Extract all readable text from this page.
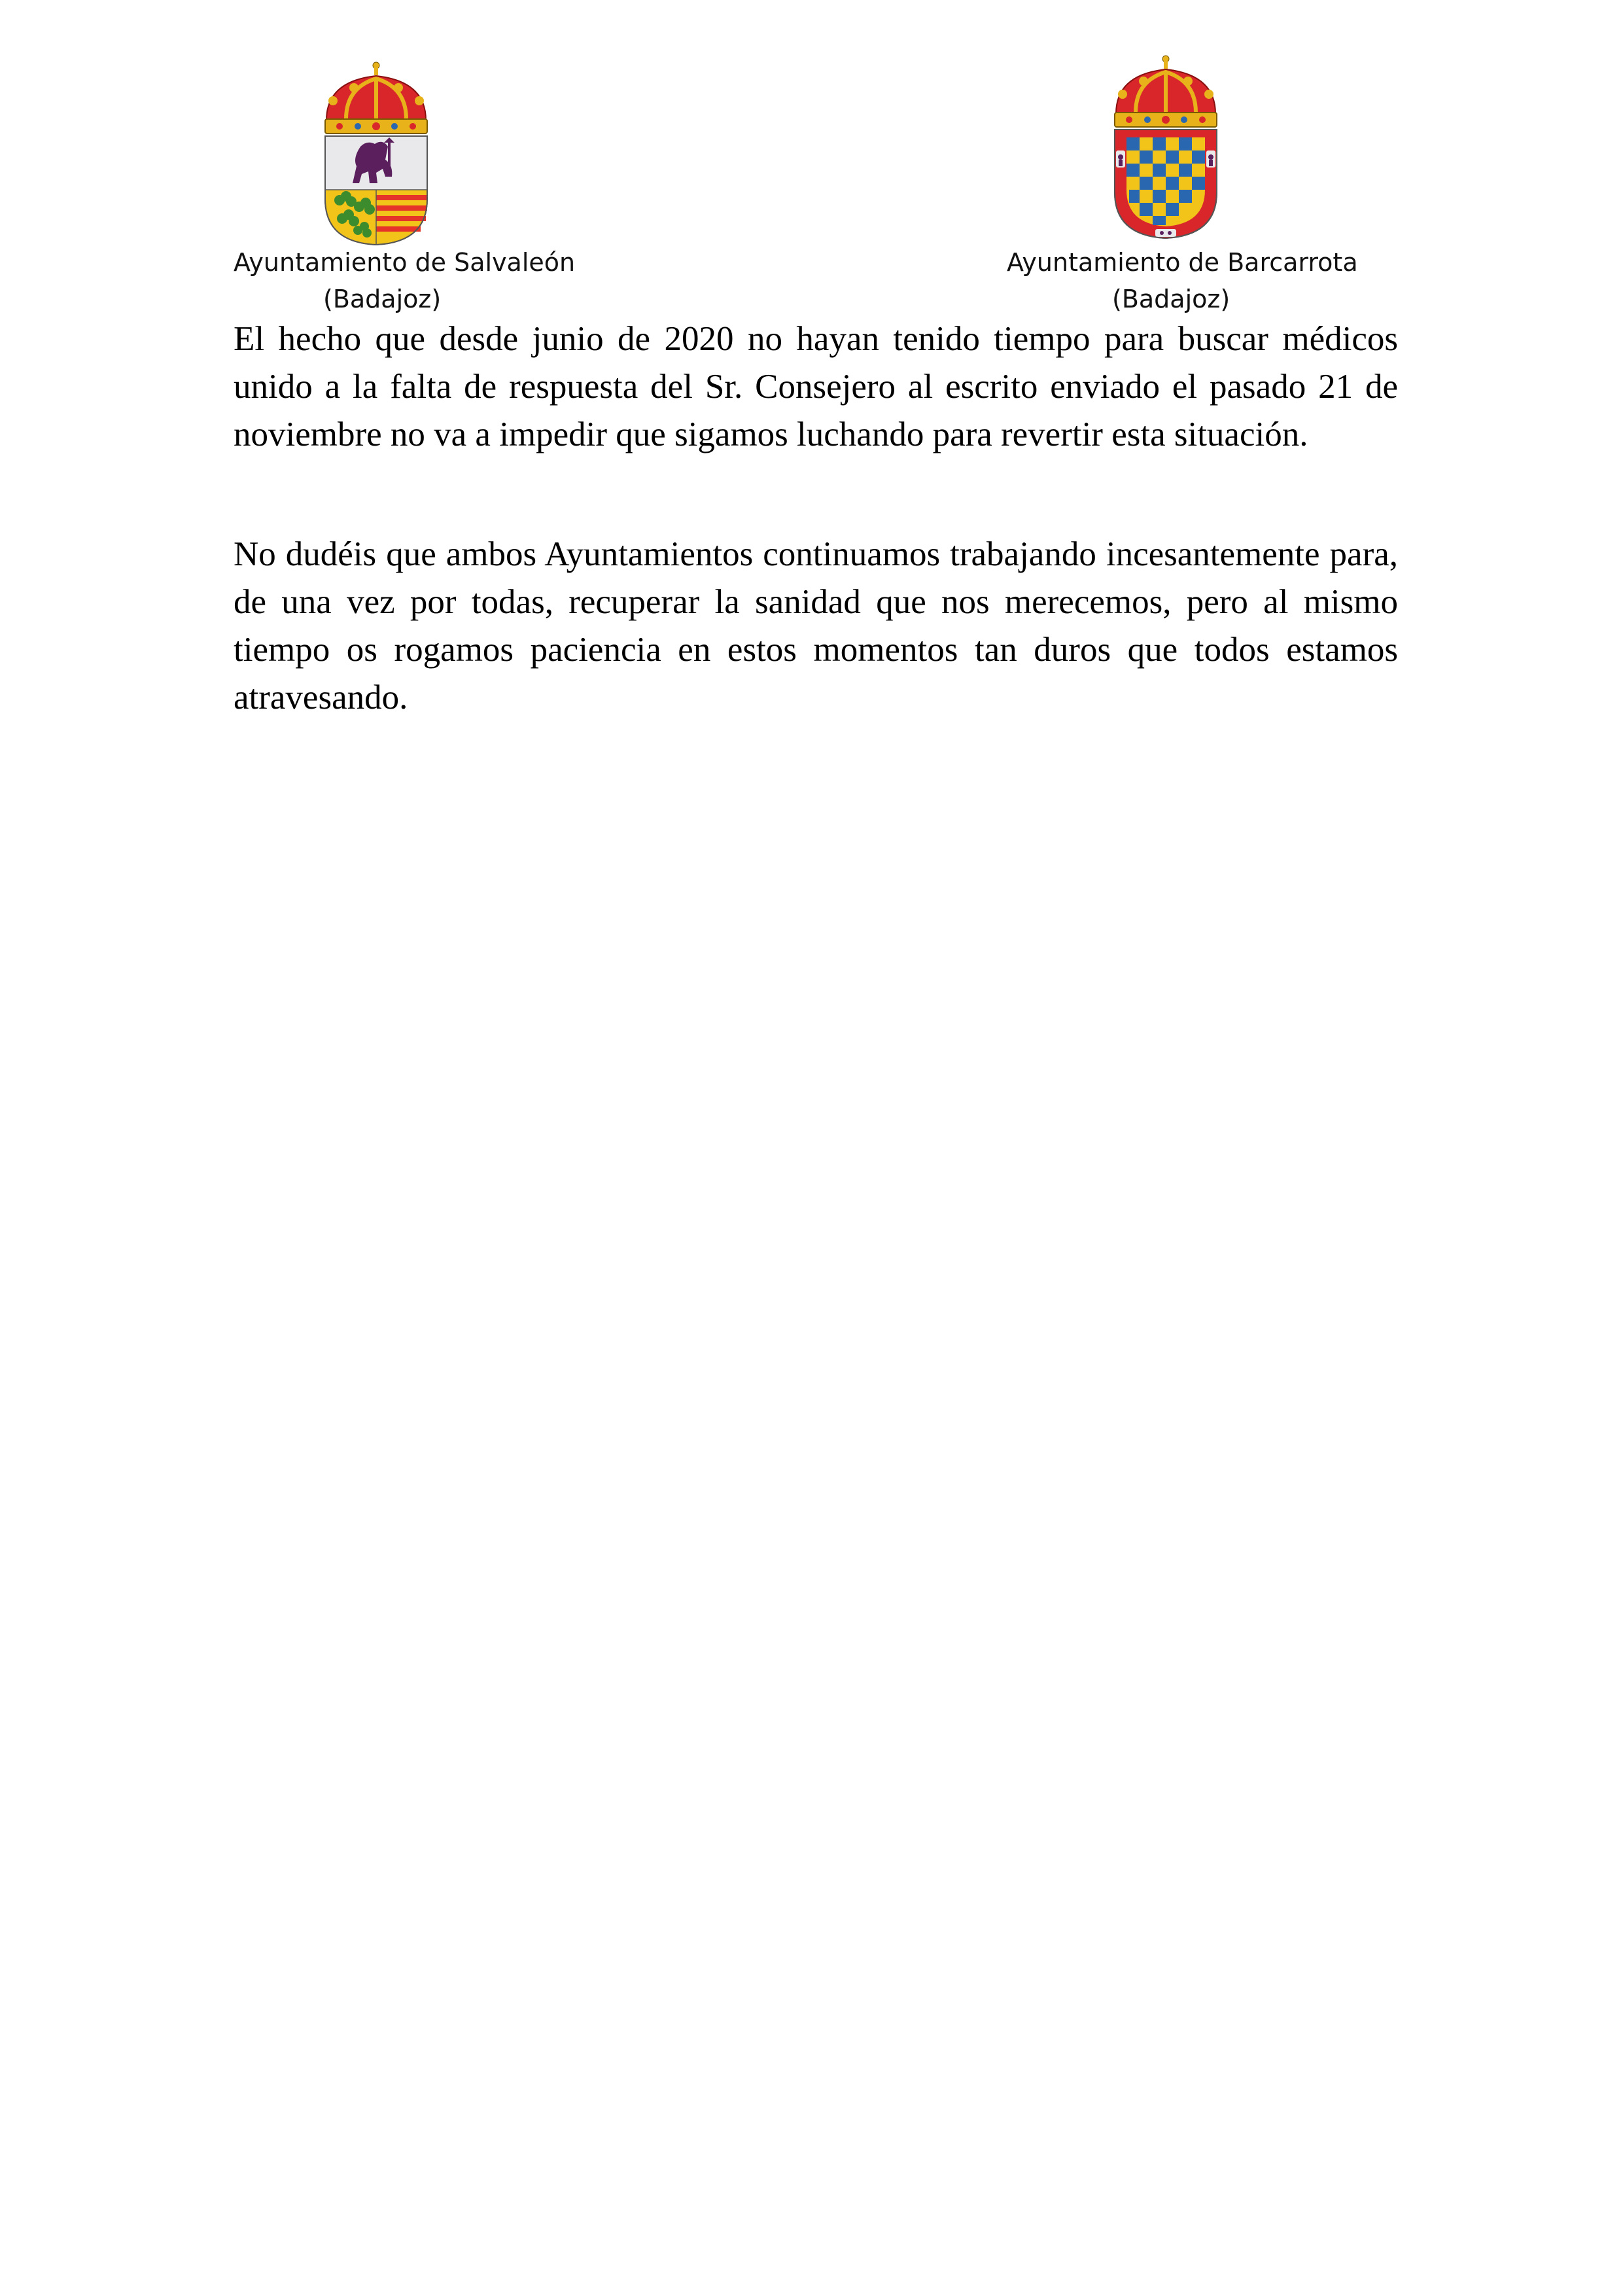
Ayuntamiento de Salvaleón
(Badajoz)
Ayuntamiento de Barcarrota
(Badajoz)

El hecho que desde junio de 2020 no hayan tenido tiempo para buscar médicos unido a la falta de respuesta del Sr. Consejero al escrito enviado el pasado 21 de noviembre no va a impedir que sigamos luchando para revertir esta situación.

No dudéis que ambos Ayuntamientos continuamos trabajando incesantemente para, de una vez por todas, recuperar la sanidad que nos merecemos, pero al mismo tiempo os rogamos paciencia en estos momentos tan duros que todos estamos atravesando.
